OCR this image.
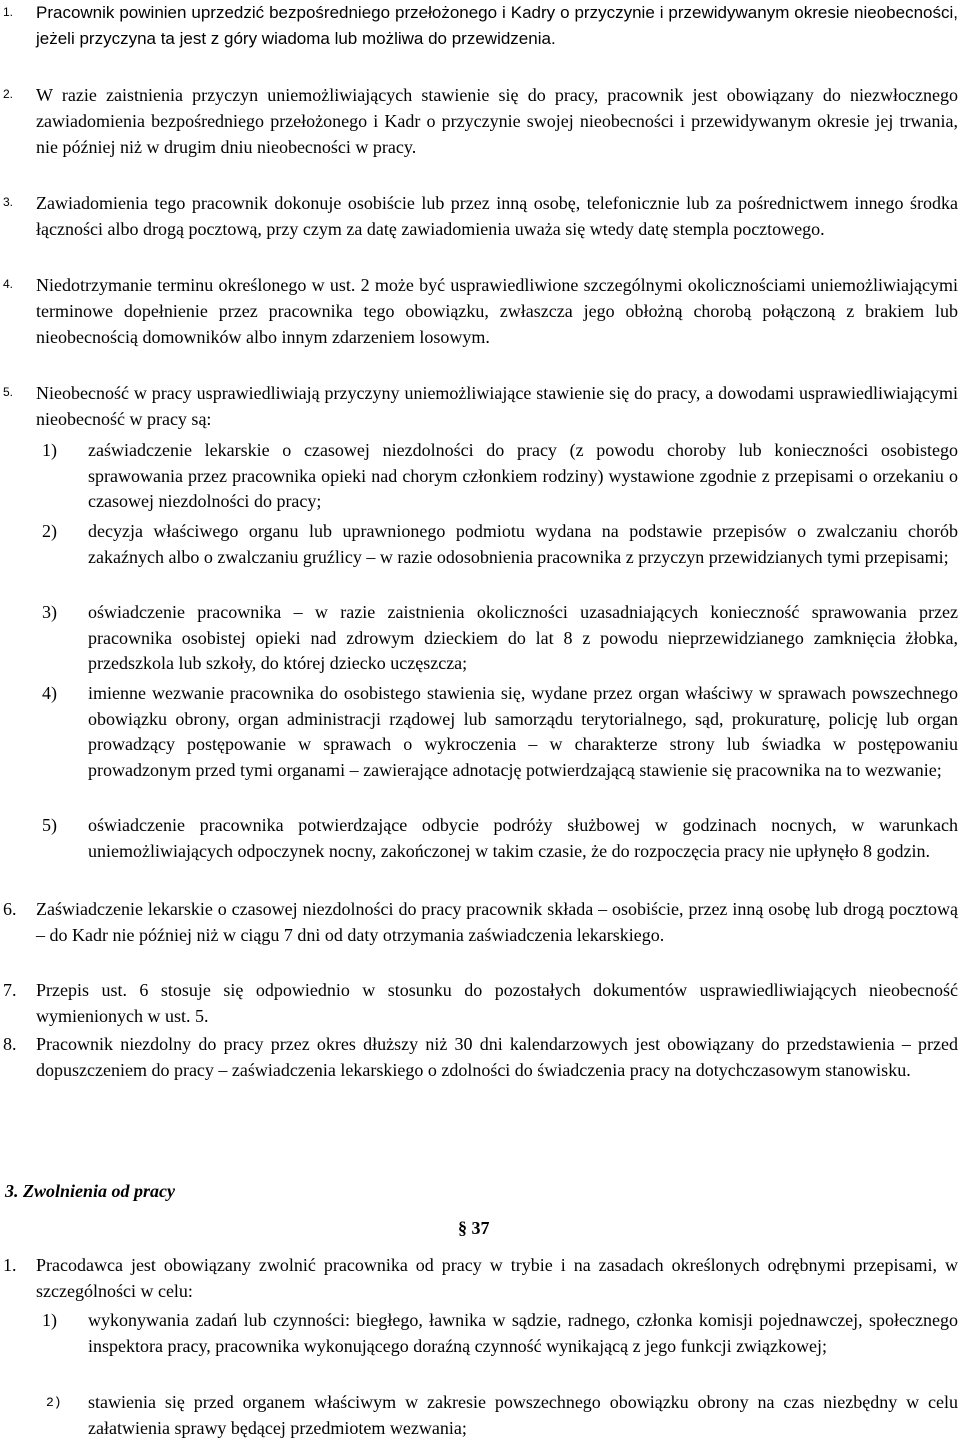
1.	Pracownik powinien uprzedzić bezpośredniego przełożonego i Kadry o przyczynie i przewidywanym okresie nieobecności, jeżeli przyczyna ta jest z góry wiadoma lub możliwa do przewidzenia.

2.	W razie zaistnienia przyczyn uniemożliwiających stawienie się do pracy, pracownik jest obowiązany do niezwłocznego zawiadomienia bezpośredniego przełożonego i Kadr o przyczynie swojej nieobecności i przewidywanym okresie jej trwania, nie później niż w drugim dniu nieobecności w pracy.

3.	Zawiadomienia tego pracownik dokonuje osobiście lub przez inną osobę, telefonicznie lub za pośrednictwem innego środka łączności albo drogą pocztową, przy czym za datę zawiadomienia uważa się wtedy datę stempla pocztowego.

4.	Niedotrzymanie terminu określonego w ust. 2 może być usprawiedliwione szczególnymi okolicznościami uniemożliwiającymi terminowe dopełnienie przez pracownika tego obowiązku, zwłaszcza jego obłożną chorobą połączoną z brakiem lub nieobecnością domowników albo innym zdarzeniem losowym.

5.	Nieobecność w pracy usprawiedliwiają przyczyny uniemożliwiające stawienie się do pracy, a dowodami usprawiedliwiającymi nieobecność w pracy są:

1)	zaświadczenie lekarskie o czasowej niezdolności do pracy (z powodu choroby lub konieczności osobistego sprawowania przez pracownika opieki nad chorym członkiem rodziny) wystawione zgodnie z przepisami o orzekaniu o czasowej niezdolności do pracy;

2)	decyzja właściwego organu lub uprawnionego podmiotu wydana na podstawie przepisów o zwalczaniu chorób zakaźnych albo o zwalczaniu gruźlicy – w razie odosobnienia pracownika z przyczyn przewidzianych tymi przepisami;

3)	oświadczenie pracownika – w razie zaistnienia okoliczności uzasadniających konieczność sprawowania przez pracownika osobistej opieki nad zdrowym dzieckiem do lat 8 z powodu nieprzewidzianego zamknięcia żłobka, przedszkola lub szkoły, do której dziecko uczęszcza;

4)	imienne wezwanie pracownika do osobistego stawienia się, wydane przez organ właściwy w sprawach powszechnego obowiązku obrony, organ administracji rządowej lub samorządu terytorialnego, sąd, prokuraturę, policję lub organ prowadzący postępowanie w sprawach o wykroczenia – w charakterze strony lub świadka w postępowaniu prowadzonym przed tymi organami – zawierające adnotację potwierdzającą stawienie się pracownika na to wezwanie;

5)	oświadczenie pracownika potwierdzające odbycie podróży służbowej w godzinach nocnych, w warunkach uniemożliwiających odpoczynek nocny, zakończonej w takim czasie, że do rozpoczęcia pracy nie upłynęło 8 godzin.

6.	Zaświadczenie lekarskie o czasowej niezdolności do pracy pracownik składa – osobiście, przez inną osobę lub drogą pocztową – do Kadr nie później niż w ciągu 7 dni od daty otrzymania zaświadczenia lekarskiego.

7.	Przepis ust. 6 stosuje się odpowiednio w stosunku do pozostałych dokumentów usprawiedliwiających nieobecność wymienionych w ust. 5.

8.	Pracownik niezdolny do pracy przez okres dłuższy niż 30 dni kalendarzowych jest obowiązany do przedstawienia – przed dopuszczeniem do pracy – zaświadczenia lekarskiego o zdolności do świadczenia pracy na dotychczasowym stanowisku.

3. Zwolnienia od pracy
§ 37
1.	Pracodawca jest obowiązany zwolnić pracownika od pracy w trybie i na zasadach określonych odrębnymi przepisami, w szczególności w celu:

1)	wykonywania zadań lub czynności: biegłego, ławnika w sądzie, radnego, członka komisji pojednawczej, społecznego inspektora pracy, pracownika wykonującego doraźną czynność wynikającą z jego funkcji związkowej;

2)	stawienia się przed organem właściwym w zakresie powszechnego obowiązku obrony na czas niezbędny w celu załatwienia sprawy będącej przedmiotem wezwania;
